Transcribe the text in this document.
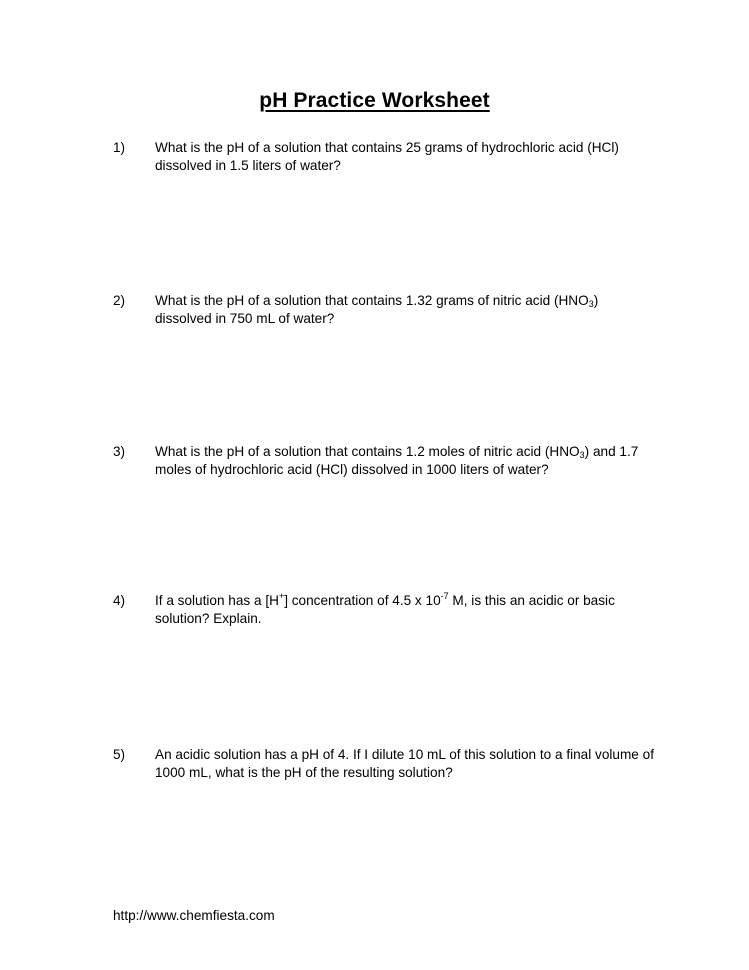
pH Practice Worksheet
1) What is the pH of a solution that contains 25 grams of hydrochloric acid (HCl) dissolved in 1.5 liters of water?
2) What is the pH of a solution that contains 1.32 grams of nitric acid $(HNO_3)$ dissolved in 750 mL of water?
3) What is the pH of a solution that contains 1.2 moles of nitric acid $(HNO_3)$ and 1.7 moles of hydrochloric acid (HCl) dissolved in 1000 liters of water?
4) If a solution has a [H+] concentration of 4.5 x $10^{-7}$ M, is this an acidic or basic solution? Explain.
5) An acidic solution has a pH of 4. If I dilute 10 mL of this solution to a final volume of 1000 mL, what is the pH of the resulting solution?
http://www.chemfiesta.com
